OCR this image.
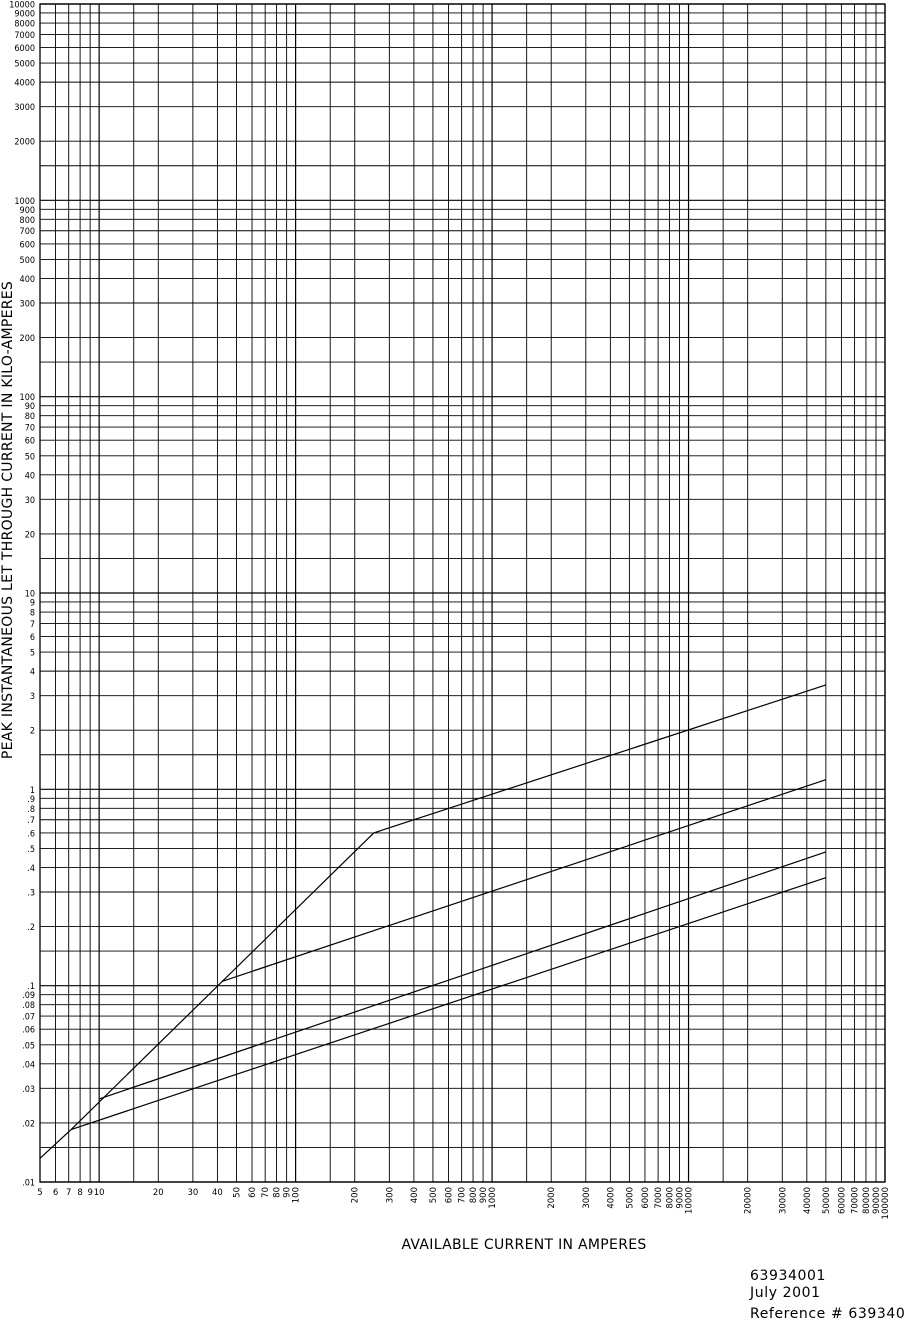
.01
.02
.03
.04
.05
.06
.07
.08
.09
.1
.2
.3
.4
.5
.6
.7
.8
.9
1
2
3
4
5
6
7
8
9
10
20
30
40
50
60
70
80
90
100
200
300
400
500
600
700
800
900
1000
2000
3000
4000
5000
6000
7000
8000
9000
10000
5 6 7 8 9 10	20	30 40 50 60 70 80 90
100	200	300 400 500 600 700 800 900
1000	2000	3000 4000 5000 6000 7000 8000 9000
10000	20000	30000 40000 50000 60000 70000 80000 90000
100000
PEAK INSTANTANEOUS LET THROUGH CURRENT IN KILO-AMPERES
AVAILABLE CURRENT IN AMPERES
63934001
July 2001
Reference # 639340
